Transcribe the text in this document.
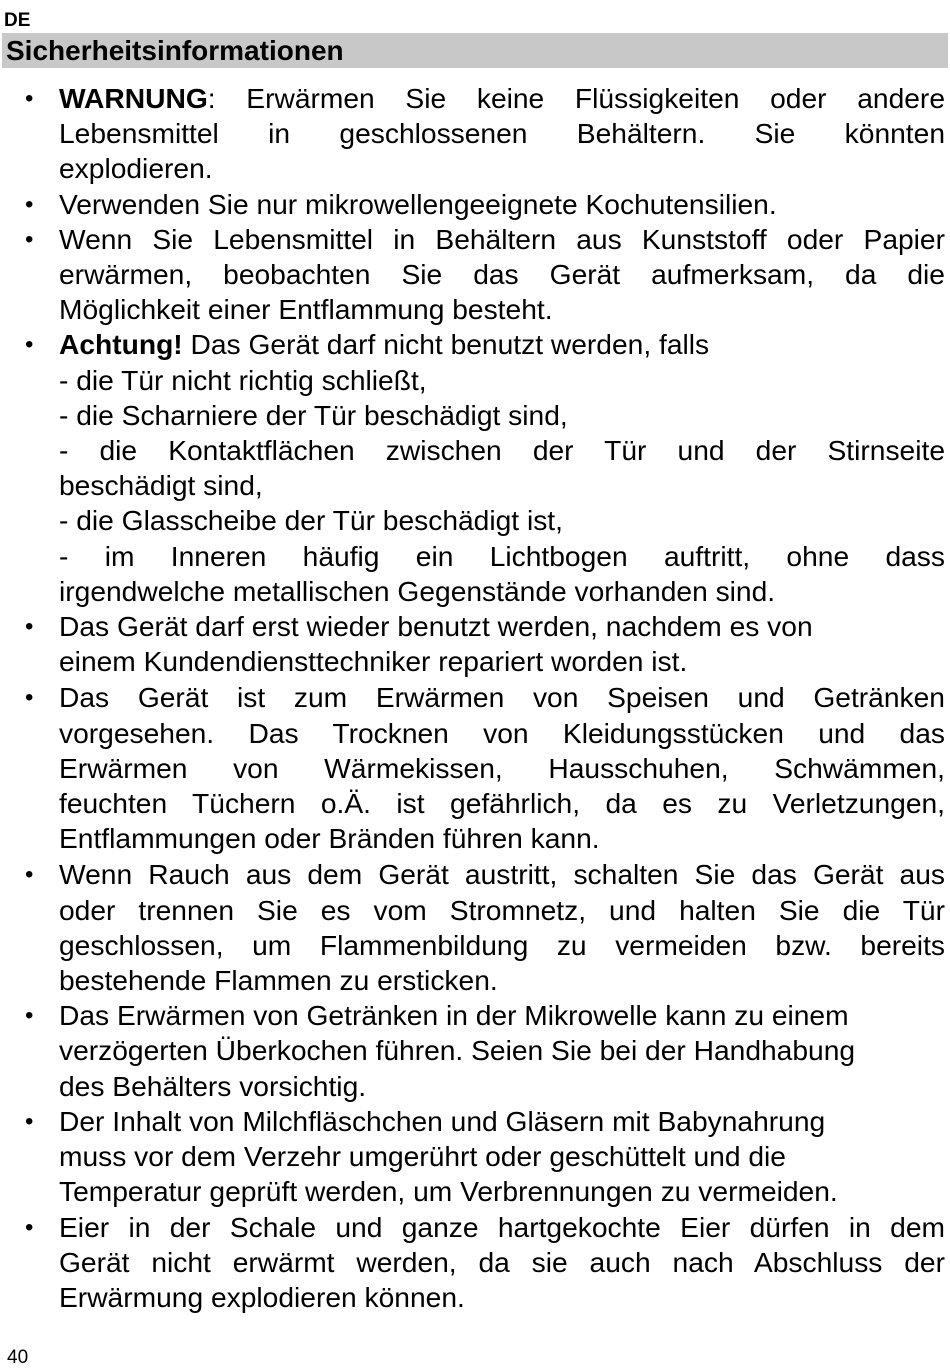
DE
Sicherheitsinformationen
• WARNUNG: Erwärmen Sie keine Flüssigkeiten oder andere
Lebensmittel in geschlossenen Behältern. Sie könnten
explodieren.
• Verwenden Sie nur mikrowellengeeignete Kochutensilien.
• Wenn Sie Lebensmittel in Behältern aus Kunststoff oder Papier
erwärmen, beobachten Sie das Gerät aufmerksam, da die
Möglichkeit einer Entflammung besteht.
• Achtung! Das Gerät darf nicht benutzt werden, falls
- die Tür nicht richtig schließt,
- die Scharniere der Tür beschädigt sind,
- die Kontaktflächen zwischen der Tür und der Stirnseite
beschädigt sind,
- die Glasscheibe der Tür beschädigt ist,
- im Inneren häufig ein Lichtbogen auftritt, ohne dass
irgendwelche metallischen Gegenstände vorhanden sind.
• Das Gerät darf erst wieder benutzt werden, nachdem es von
einem Kundendiensttechniker repariert worden ist.
• Das Gerät ist zum Erwärmen von Speisen und Getränken
vorgesehen. Das Trocknen von Kleidungsstücken und das
Erwärmen von Wärmekissen, Hausschuhen, Schwämmen,
feuchten Tüchern o.Ä. ist gefährlich, da es zu Verletzungen,
Entflammungen oder Bränden führen kann.
• Wenn Rauch aus dem Gerät austritt, schalten Sie das Gerät aus
oder trennen Sie es vom Stromnetz, und halten Sie die Tür
geschlossen, um Flammenbildung zu vermeiden bzw. bereits
bestehende Flammen zu ersticken.
• Das Erwärmen von Getränken in der Mikrowelle kann zu einem
verzögerten Überkochen führen. Seien Sie bei der Handhabung
des Behälters vorsichtig.
• Der Inhalt von Milchfläschchen und Gläsern mit Babynahrung
muss vor dem Verzehr umgerührt oder geschüttelt und die
Temperatur geprüft werden, um Verbrennungen zu vermeiden.
• Eier in der Schale und ganze hartgekochte Eier dürfen in dem
Gerät nicht erwärmt werden, da sie auch nach Abschluss der
Erwärmung explodieren können.
40
